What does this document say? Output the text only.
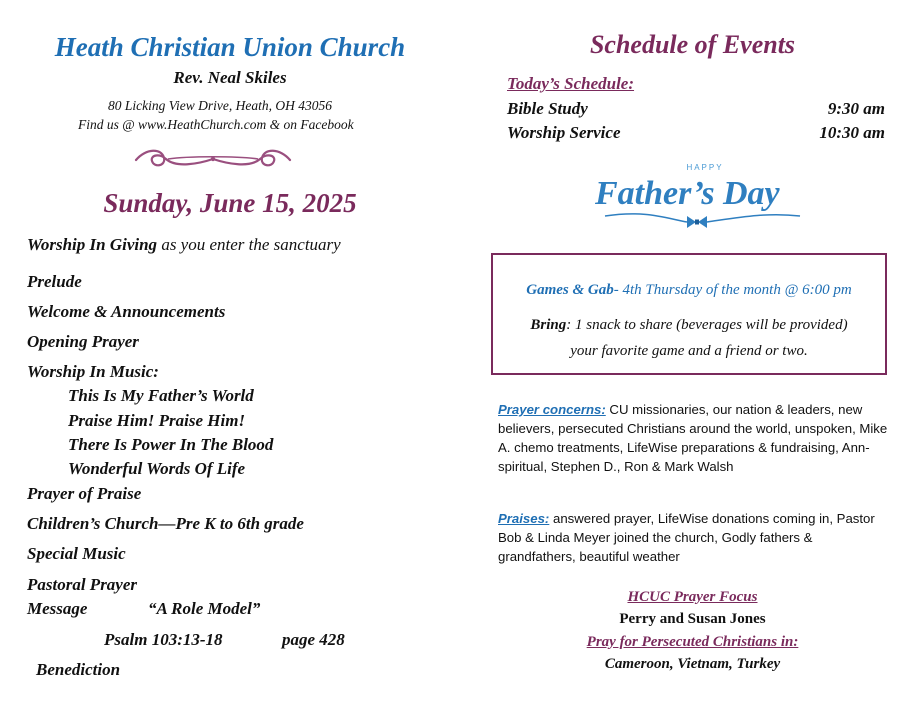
Heath Christian Union Church
Rev. Neal Skiles
80 Licking View Drive, Heath, OH 43056
Find us @ www.HeathChurch.com & on Facebook
Sunday, June 15, 2025
Worship In Giving as you enter the sanctuary
Prelude
Welcome & Announcements
Opening Prayer
Worship In Music:
This Is My Father’s World
Praise Him! Praise Him!
There Is Power In The Blood
Wonderful Words Of Life
Prayer of Praise
Children’s Church—Pre K to 6th grade
Special Music
Pastoral Prayer
Message	“A Role Model”
Psalm 103:13-18	page 428
Benediction
Schedule of Events
Today’s Schedule:
Bible Study	9:30 am
Worship Service	10:30 am
HAPPY
Father’s Day
Games & Gab- 4th Thursday of the month @ 6:00 pm
Bring: 1 snack to share (beverages will be provided)
your favorite game and a friend or two.
Prayer concerns: CU missionaries, our nation & leaders, new believers, persecuted Christians around the world, unspoken, Mike A. chemo treatments, LifeWise preparations & fundraising, Ann-spiritual, Stephen D., Ron & Mark Walsh
Praises: answered prayer, LifeWise donations coming in, Pastor Bob & Linda Meyer joined the church, Godly fathers & grandfathers, beautiful weather
HCUC Prayer Focus
Perry and Susan Jones
Pray for Persecuted Christians in:
Cameroon, Vietnam, Turkey
